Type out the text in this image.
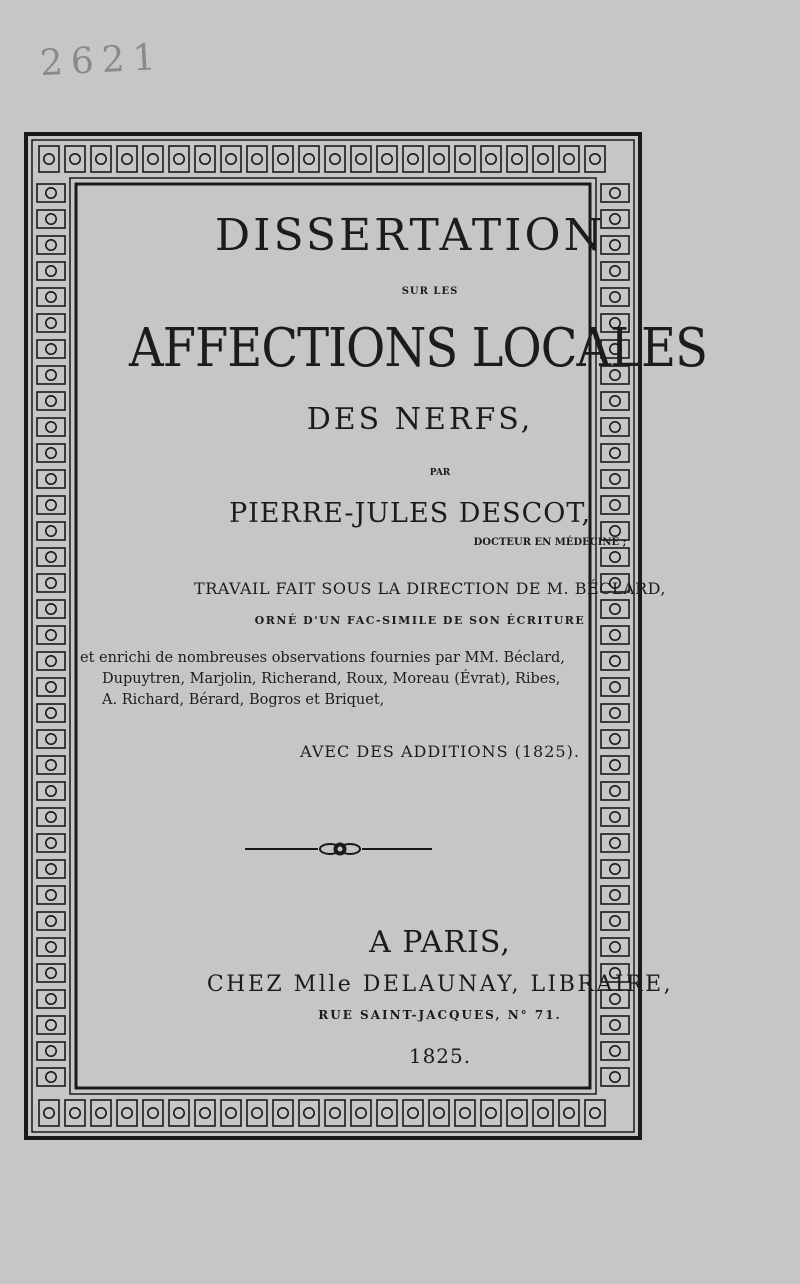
2621
DISSERTATION
SUR LES
AFFECTIONS LOCALES
DES NERFS,
PAR
PIERRE-JULES DESCOT,
DOCTEUR EN MÉDECINE ;
TRAVAIL FAIT SOUS LA DIRECTION DE M. BÉCLARD,
ORNÉ D'UN FAC-SIMILE DE SON ÉCRITURE
et enrichi de nombreuses observations fournies par MM. Béclard,
Dupuytren, Marjolin, Richerand, Roux, Moreau (Évrat), Ribes,
A. Richard, Bérard, Bogros et Briquet,
AVEC DES ADDITIONS (1825).
A PARIS,
CHEZ Mlle DELAUNAY, LIBRAIRE,
RUE SAINT-JACQUES, N° 71.
1825.
